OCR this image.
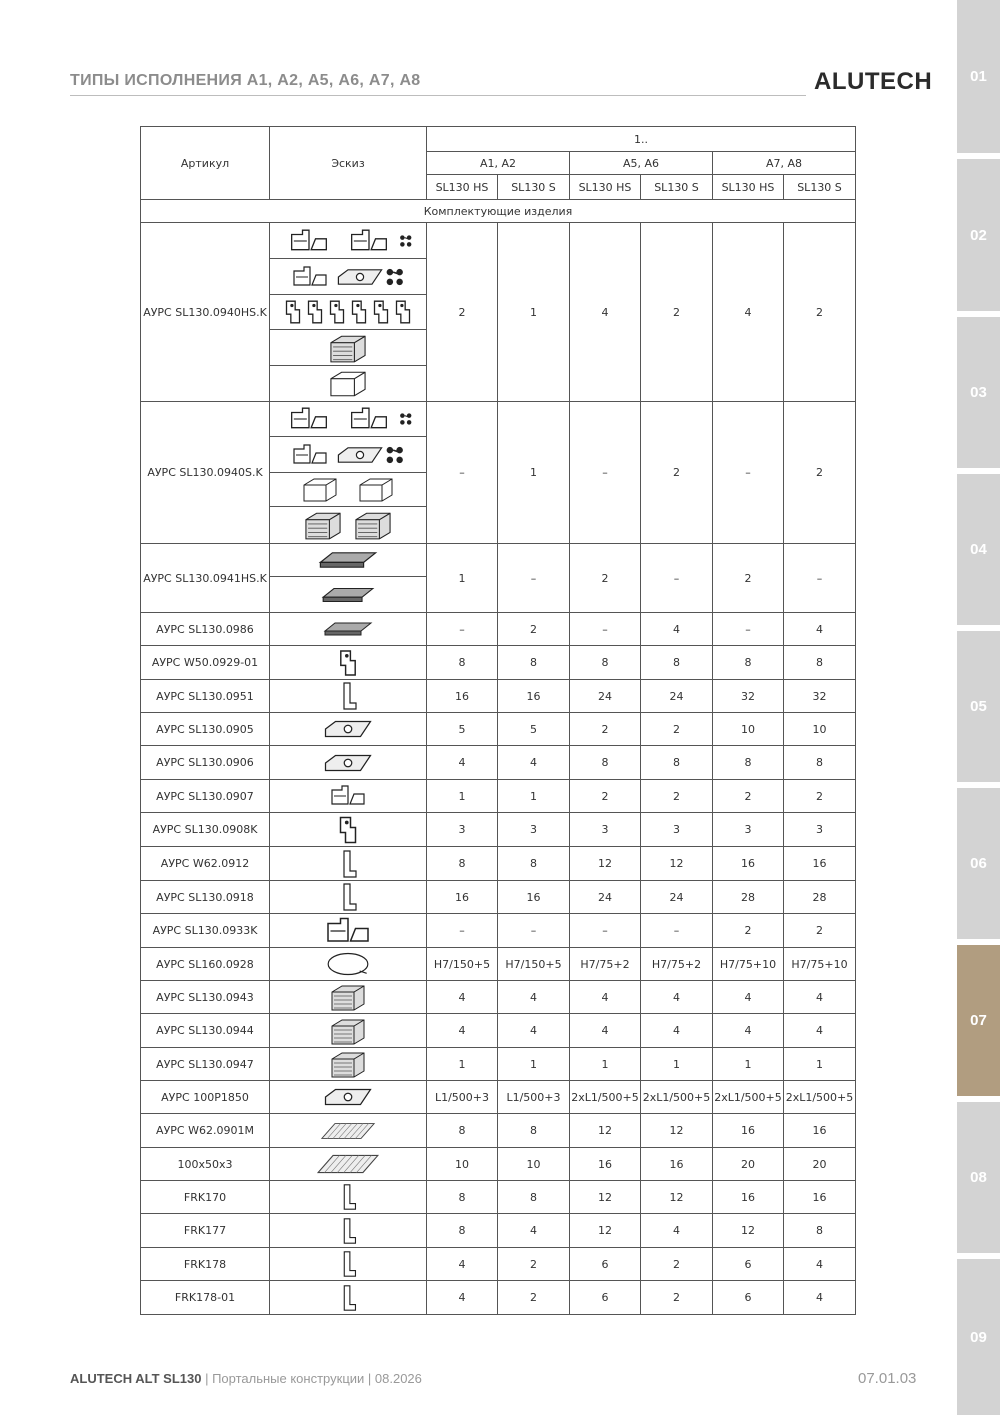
ТИПЫ ИСПОЛНЕНИЯ А1, А2, А5, А6, А7, А8	ALUTECH	01
02
03
04
05
06
07
08
09
Артикул	Эскиз	1..					
		А1, А2		А5, А6		А7, А8	
		SL130 HS	SL130 S	SL130 HS	SL130 S	SL130 HS	SL130 S
Комплектующие изделия							
АУРС SL130.0940HS.K		2	1	4	2	4	2

АУРС SL130.0940S.K		–	1	–	2	–	2

АУРС SL130.0941HS.K		1	–	2	–	2	–

АУРС SL130.0986		–	2	–	4	–	4
АУРС W50.0929-01		8	8	8	8	8	8
АУРС SL130.0951		16	16	24	24	32	32
АУРС SL130.0905		5	5	2	2	10	10
АУРС SL130.0906		4	4	8	8	8	8
АУРС SL130.0907		1	1	2	2	2	2
АУРС SL130.0908K		3	3	3	3	3	3
АУРС W62.0912		8	8	12	12	16	16
АУРС SL130.0918		16	16	24	24	28	28
АУРС SL130.0933K		–	–	–	–	2	2
АУРС SL160.0928		H7/150+5	H7/150+5	H7/75+2	H7/75+2	H7/75+10	H7/75+10
АУРС SL130.0943		4	4	4	4	4	4
АУРС SL130.0944		4	4	4	4	4	4
АУРС SL130.0947		1	1	1	1	1	1
АУРС 100P1850		L1/500+3	L1/500+3	2xL1/500+5	2xL1/500+5	2xL1/500+5	2xL1/500+5
АУРС W62.0901M		8	8	12	12	16	16
100х50х3		10	10	16	16	20	20
FRK170		8	8	12	12	16	16
FRK177		8	4	12	4	12	8
FRK178		4	2	6	2	6	4
FRK178-01		4	2	6	2	6	4
ALUTECH ALT SL130 | Портальные конструкции | 08.2026	07.01.03
